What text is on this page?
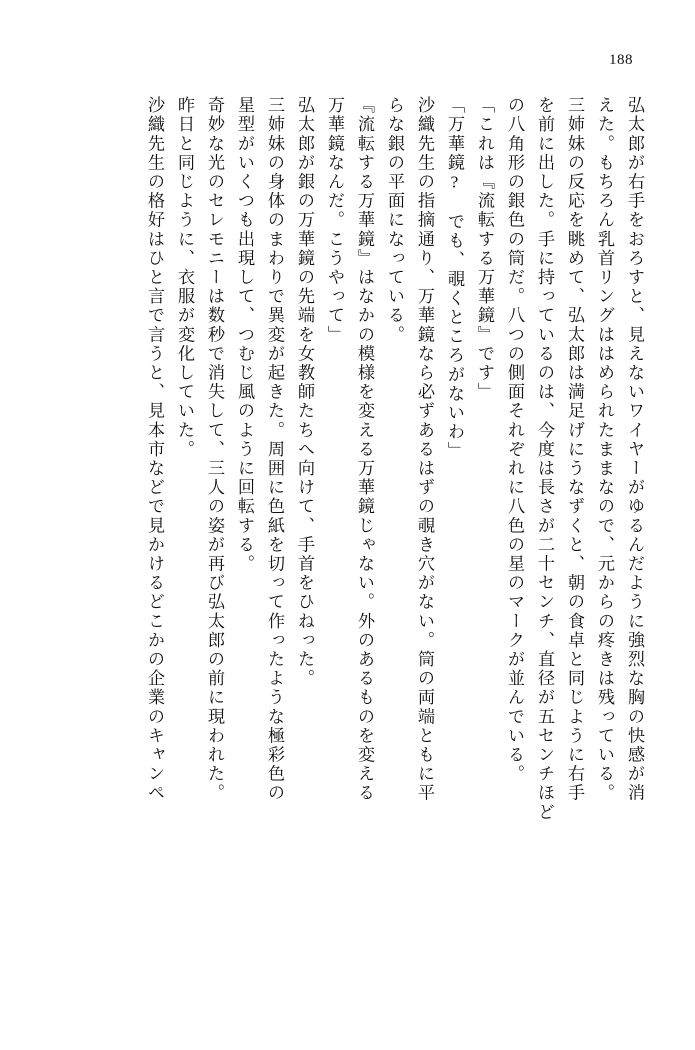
188
弘太郎が右手をおろすと、見えないワイヤーがゆるんだように強烈な胸の快感が消
えた。もちろん乳首リングははめられたままなので、元からの疼きは残っている。
三姉妹の反応を眺めて、弘太郎は満足げにうなずくと、朝の食卓と同じように右手
を前に出した。手に持っているのは、今度は長さが二十センチ、直径が五センチほど
の八角形の銀色の筒だ。八つの側面それぞれに八色の星のマークが並んでいる。
「これは『流転する万華鏡』です」
「万華鏡?　でも、覗くところがないわ」
沙織先生の指摘通り、万華鏡なら必ずあるはずの覗き穴がない。筒の両端ともに平
らな銀の平面になっている。
『流転する万華鏡』はなかの模様を変える万華鏡じゃない。外のあるものを変える
万華鏡なんだ。こうやって」
弘太郎が銀の万華鏡の先端を女教師たちへ向けて、手首をひねった。
三姉妹の身体のまわりで異変が起きた。周囲に色紙を切って作ったような極彩色の
星型がいくつも出現して、つむじ風のように回転する。
奇妙な光のセレモニーは数秒で消失して、三人の姿が再び弘太郎の前に現われた。
昨日と同じように、衣服が変化していた。
沙織先生の格好はひと言で言うと、見本市などで見かけるどこかの企業のキャンペ
